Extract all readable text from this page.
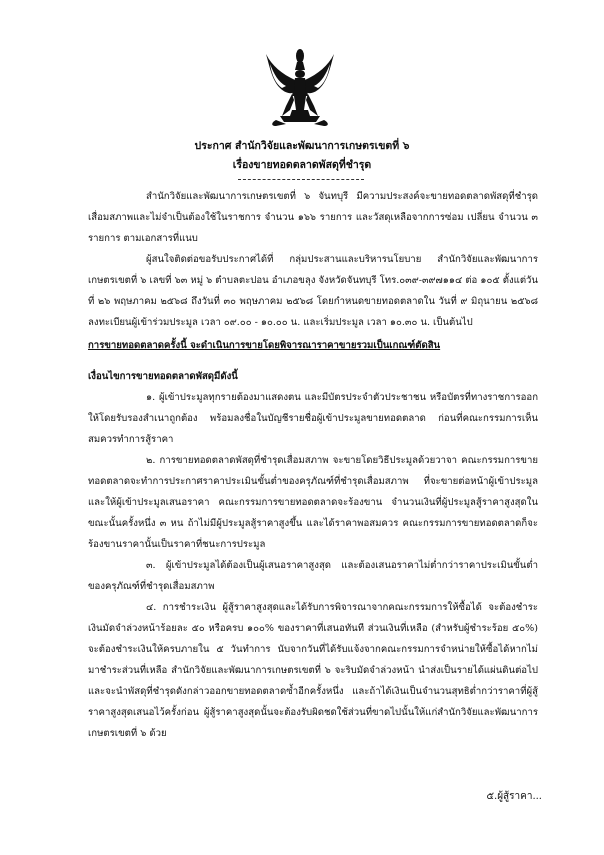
ประกาศ สำนักวิจัยและพัฒนาการเกษตรเขตที่ ๖
เรื่องขายทอดตลาดพัสดุที่ชำรุด

สำนักวิจัยและพัฒนาการเกษตรเขตที่ ๖ จันทบุรี มีความประสงค์จะขายทอดตลาดพัสดุที่ชำรุด เสื่อมสภาพและไม่จำเป็นต้องใช้ในราชการ จำนวน ๑๖๖ รายการ และวัสดุเหลือจากการซ่อม เปลี่ยน จำนวน ๓ รายการ ตามเอกสารที่แนบ

ผู้สนใจติดต่อขอรับประกาศได้ที่ กลุ่มประสานและบริหารนโยบาย สำนักวิจัยและพัฒนาการเกษตรเขตที่ ๖ เลขที่ ๖๓ หมู่ ๖ ตำบลตะปอน อำเภอขลุง จังหวัดจันทบุรี โทร.๐๓๙-๓๙๗๑๑๔ ต่อ ๑๐๕ ตั้งแต่วันที่ ๒๖ พฤษภาคม ๒๕๖๘ ถึงวันที่ ๓๐ พฤษภาคม ๒๕๖๘ โดยกำหนดขายทอดตลาดใน วันที่ ๙ มิถุนายน ๒๕๖๘ ลงทะเบียนผู้เข้าร่วมประมูล เวลา ๐๙.๐๐ - ๑๐.๐๐ น. และเริ่มประมูล เวลา ๑๐.๓๐ น. เป็นต้นไป

การขายทอดตลาดครั้งนี้ จะดำเนินการขายโดยพิจารณาราคาขายรวมเป็นเกณฑ์ตัดสิน

เงื่อนไขการขายทอดตลาดพัสดุมีดังนี้

๑. ผู้เข้าประมูลทุกรายต้องมาแสดงตน และมีบัตรประจำตัวประชาชน หรือบัตรที่ทางราชการออกให้โดยรับรองสำเนาถูกต้อง พร้อมลงชื่อในบัญชีรายชื่อผู้เข้าประมูลขายทอดตลาด ก่อนที่คณะกรรมการเห็นสมควรทำการสู้ราคา

๒. การขายทอดตลาดพัสดุที่ชำรุดเสื่อมสภาพ จะขายโดยวิธีประมูลด้วยวาจา คณะกรรมการขายทอดตลาดจะทำการประกาศราคาประเมินขั้นต่ำของครุภัณฑ์ที่ชำรุดเสื่อมสภาพ ที่จะขายต่อหน้าผู้เข้าประมูลและให้ผู้เข้าประมูลเสนอราคา คณะกรรมการขายทอดตลาดจะร้องขาน จำนวนเงินที่ผู้ประมูลสู้ราคาสูงสุดในขณะนั้นครั้งหนึ่ง ๓ หน ถ้าไม่มีผู้ประมูลสู้ราคาสูงขึ้น และได้ราคาพอสมควร คณะกรรมการขายทอดตลาดก็จะร้องขานราคานั้นเป็นราคาที่ชนะการประมูล

๓. ผู้เข้าประมูลได้ต้องเป็นผู้เสนอราคาสูงสุด และต้องเสนอราคาไม่ต่ำกว่าราคาประเมินขั้นต่ำของครุภัณฑ์ที่ชำรุดเสื่อมสภาพ

๔. การชำระเงิน ผู้สู้ราคาสูงสุดและได้รับการพิจารณาจากคณะกรรมการให้ซื้อได้ จะต้องชำระเงินมัดจำล่วงหน้าร้อยละ ๕๐ หรือครบ ๑๐๐% ของราคาที่เสนอทันที ส่วนเงินที่เหลือ (สำหรับผู้ชำระร้อย ๕๐%) จะต้องชำระเงินให้ครบภายใน ๕ วันทำการ นับจากวันที่ได้รับแจ้งจากคณะกรรมการจำหน่ายให้ซื้อได้หากไม่มาชำระส่วนที่เหลือ สำนักวิจัยและพัฒนาการเกษตรเขตที่ ๖ จะริบมัดจำล่วงหน้า นำส่งเป็นรายได้แผ่นดินต่อไป และจะนำพัสดุที่ชำรุดดังกล่าวออกขายทอดตลาดซ้ำอีกครั้งหนึ่ง และถ้าได้เงินเป็นจำนวนสุทธิต่ำกว่าราคาที่ผู้สู้ราคาสูงสุดเสนอไว้ครั้งก่อน ผู้สู้ราคาสูงสุดนั้นจะต้องรับผิดชดใช้ส่วนที่ขาดไปนั้นให้แก่สำนักวิจัยและพัฒนาการเกษตรเขตที่ ๖ ด้วย

๕.ผู้สู้ราคา...
